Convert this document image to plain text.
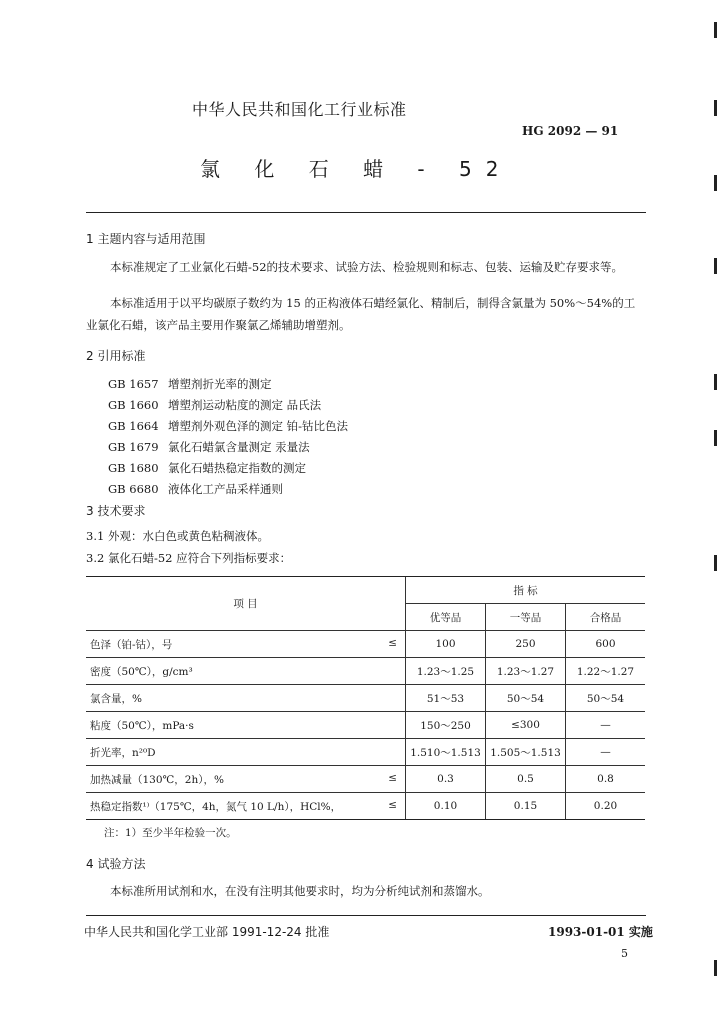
中华人民共和国化工行业标准
HG 2092 — 91
氯 化 石 蜡 - 52
1 主题内容与适用范围
本标准规定了工业氯化石蜡-52的技术要求、试验方法、检验规则和标志、包装、运输及贮存要求等。
本标准适用于以平均碳原子数约为 15 的正构液体石蜡经氯化、精制后，制得含氯量为 50%～54%的工业氯化石蜡，该产品主要用作聚氯乙烯辅助增塑剂。
2 引用标准
GB 1657 增塑剂折光率的测定
GB 1660 增塑剂运动粘度的测定 品氏法
GB 1664 增塑剂外观色泽的测定 铂-钴比色法
GB 1679 氯化石蜡氯含量测定 汞量法
GB 1680 氯化石蜡热稳定指数的测定
GB 6680 液体化工产品采样通则
3 技术要求
3.1 外观：水白色或黄色粘稠液体。
3.2 氯化石蜡-52 应符合下列指标要求：
项 目	指 标		
	优等品	一等品	合格品
色泽（铂-钴），号 ≤	100	250	600
密度（50℃），g/cm³	1.23～1.25	1.23～1.27	1.22～1.27
氯含量，%	51～53	50～54	50～54
粘度（50℃），mPa·s	150～250	≤300	—
折光率，n²⁰D	1.510～1.513	1.505～1.513	—
加热减量（130℃，2h），% ≤	0.3	0.5	0.8
热稳定指数¹⁾（175℃，4h，氮气 10 L/h），HCl%， ≤	0.10	0.15	0.20
注：1）至少半年检验一次。
4 试验方法
本标准所用试剂和水，在没有注明其他要求时，均为分析纯试剂和蒸馏水。
中华人民共和国化学工业部 1991-12-24 批准	1993-01-01 实施
5
